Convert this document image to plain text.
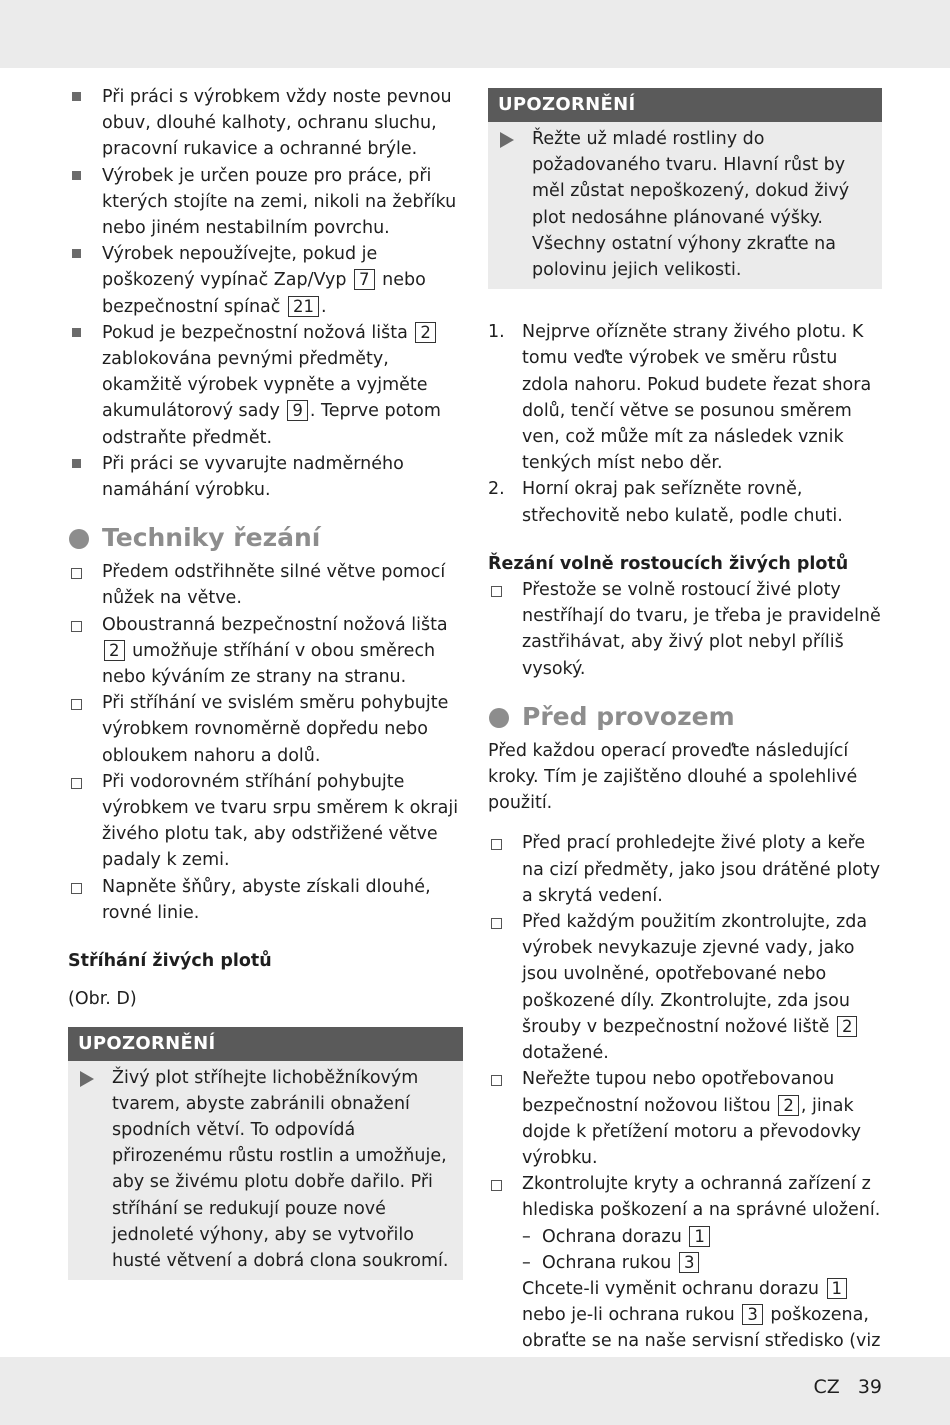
Při práci s výrobkem vždy noste pevnou obuv, dlouhé kalhoty, ochranu sluchu, pracovní rukavice a ochranné brýle.
Výrobek je určen pouze pro práce, při kterých stojíte na zemi, nikoli na žebříku nebo jiném nestabilním povrchu.
Výrobek nepoužívejte, pokud je poškozený vypínač Zap/Vyp 7 nebo bezpečnostní spínač 21 .
Pokud je bezpečnostní nožová lišta 2 zablokována pevnými předměty, okamžitě výrobek vypněte a vyjměte akumulátorový sady 9 . Teprve potom odstraňte předmět.
Při práci se vyvarujte nadměrného namáhání výrobku.
Techniky řezání
Předem odstřihněte silné větve pomocí nůžek na větve.
Oboustranná bezpečnostní nožová lišta 2 umožňuje stříhání v obou směrech nebo kýváním ze strany na stranu.
Při stříhání ve svislém směru pohybujte výrobkem rovnoměrně dopředu nebo obloukem nahoru a dolů.
Při vodorovném stříhání pohybujte výrobkem ve tvaru srpu směrem k okraji živého plotu tak, aby odstřižené větve padaly k zemi.
Napněte šňůry, abyste získali dlouhé, rovné linie.
Stříhání živých plotů
(Obr. D)
UPOZORNĚNÍ
Živý plot stříhejte lichoběžníkovým tvarem, abyste zabránili obnažení spodních větví. To odpovídá přirozenému růstu rostlin a umožňuje, aby se živému plotu dobře dařilo. Při stříhání se redukují pouze nové jednoleté výhony, aby se vytvořilo husté větvení a dobrá clona soukromí.
UPOZORNĚNÍ
Řežte už mladé rostliny do požadovaného tvaru. Hlavní růst by měl zůstat nepoškozený, dokud živý plot nedosáhne plánované výšky. Všechny ostatní výhony zkraťte na polovinu jejich velikosti.
1. Nejprve ořízněte strany živého plotu. K tomu veďte výrobek ve směru růstu zdola nahoru. Pokud budete řezat shora dolů, tenčí větve se posunou směrem ven, což může mít za následek vznik tenkých míst nebo děr.
2. Horní okraj pak seřízněte rovně, střechovitě nebo kulatě, podle chuti.
Řezání volně rostoucích živých plotů
Přestože se volně rostoucí živé ploty nestříhají do tvaru, je třeba je pravidelně zastřihávat, aby živý plot nebyl příliš vysoký.
Před provozem
Před každou operací proveďte následující kroky. Tím je zajištěno dlouhé a spolehlivé použití.
Před prací prohledejte živé ploty a keře na cizí předměty, jako jsou drátěné ploty a skrytá vedení.
Před každým použitím zkontrolujte, zda výrobek nevykazuje zjevné vady, jako jsou uvolněné, opotřebované nebo poškozené díly. Zkontrolujte, zda jsou šrouby v bezpečnostní nožové liště 2 dotažené.
Neřežte tupou nebo opotřebovanou bezpečnostní nožovou lištou 2 , jinak dojde k přetížení motoru a převodovky výrobku.
Zkontrolujte kryty a ochranná zařízení z hlediska poškození a na správné uložení.
– Ochrana dorazu 1
– Ochrana rukou 3
Chcete-li vyměnit ochranu dorazu 1 nebo je-li ochrana rukou 3 poškozena, obraťte se na naše servisní středisko (viz
CZ 39
